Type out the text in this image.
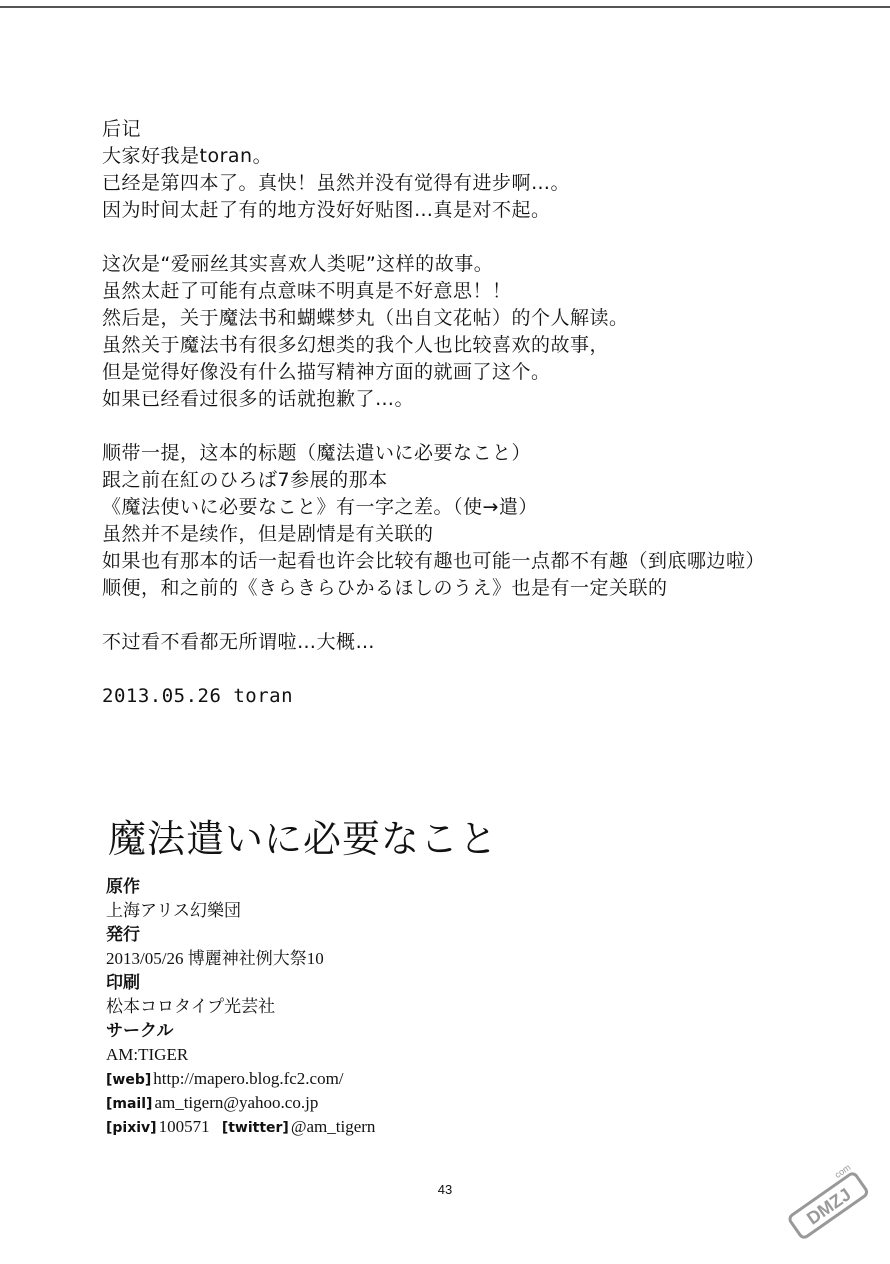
后记
大家好我是toran。
已经是第四本了。真快！虽然并没有觉得有进步啊…。
因为时间太赶了有的地方没好好贴图…真是对不起。
这次是“爱丽丝其实喜欢人类呢”这样的故事。
虽然太赶了可能有点意味不明真是不好意思！！
然后是，关于魔法书和蝴蝶梦丸（出自文花帖）的个人解读。
虽然关于魔法书有很多幻想类的我个人也比较喜欢的故事，
但是觉得好像没有什么描写精神方面的就画了这个。
如果已经看过很多的话就抱歉了…。
顺带一提，这本的标题（魔法遣いに必要なこと）
跟之前在紅のひろば7参展的那本
《魔法使いに必要なこと》有一字之差。（使→遣）
虽然并不是续作，但是剧情是有关联的
如果也有那本的话一起看也许会比较有趣也可能一点都不有趣（到底哪边啦）
顺便，和之前的《きらきらひかるほしのうえ》也是有一定关联的
不过看不看都无所谓啦…大概…
2013.05.26 toran
魔法遣いに必要なこと
原作
上海アリス幻樂団
発行
2013/05/26 博麗神社例大祭10
印刷
松本コロタイプ光芸社
サークル
AM:TIGER
[web] http://mapero.blog.fc2.com/
[mail] am_tigern@yahoo.co.jp
[pixiv] 100571 [twitter] @am_tigern
43	DMZJ
com
